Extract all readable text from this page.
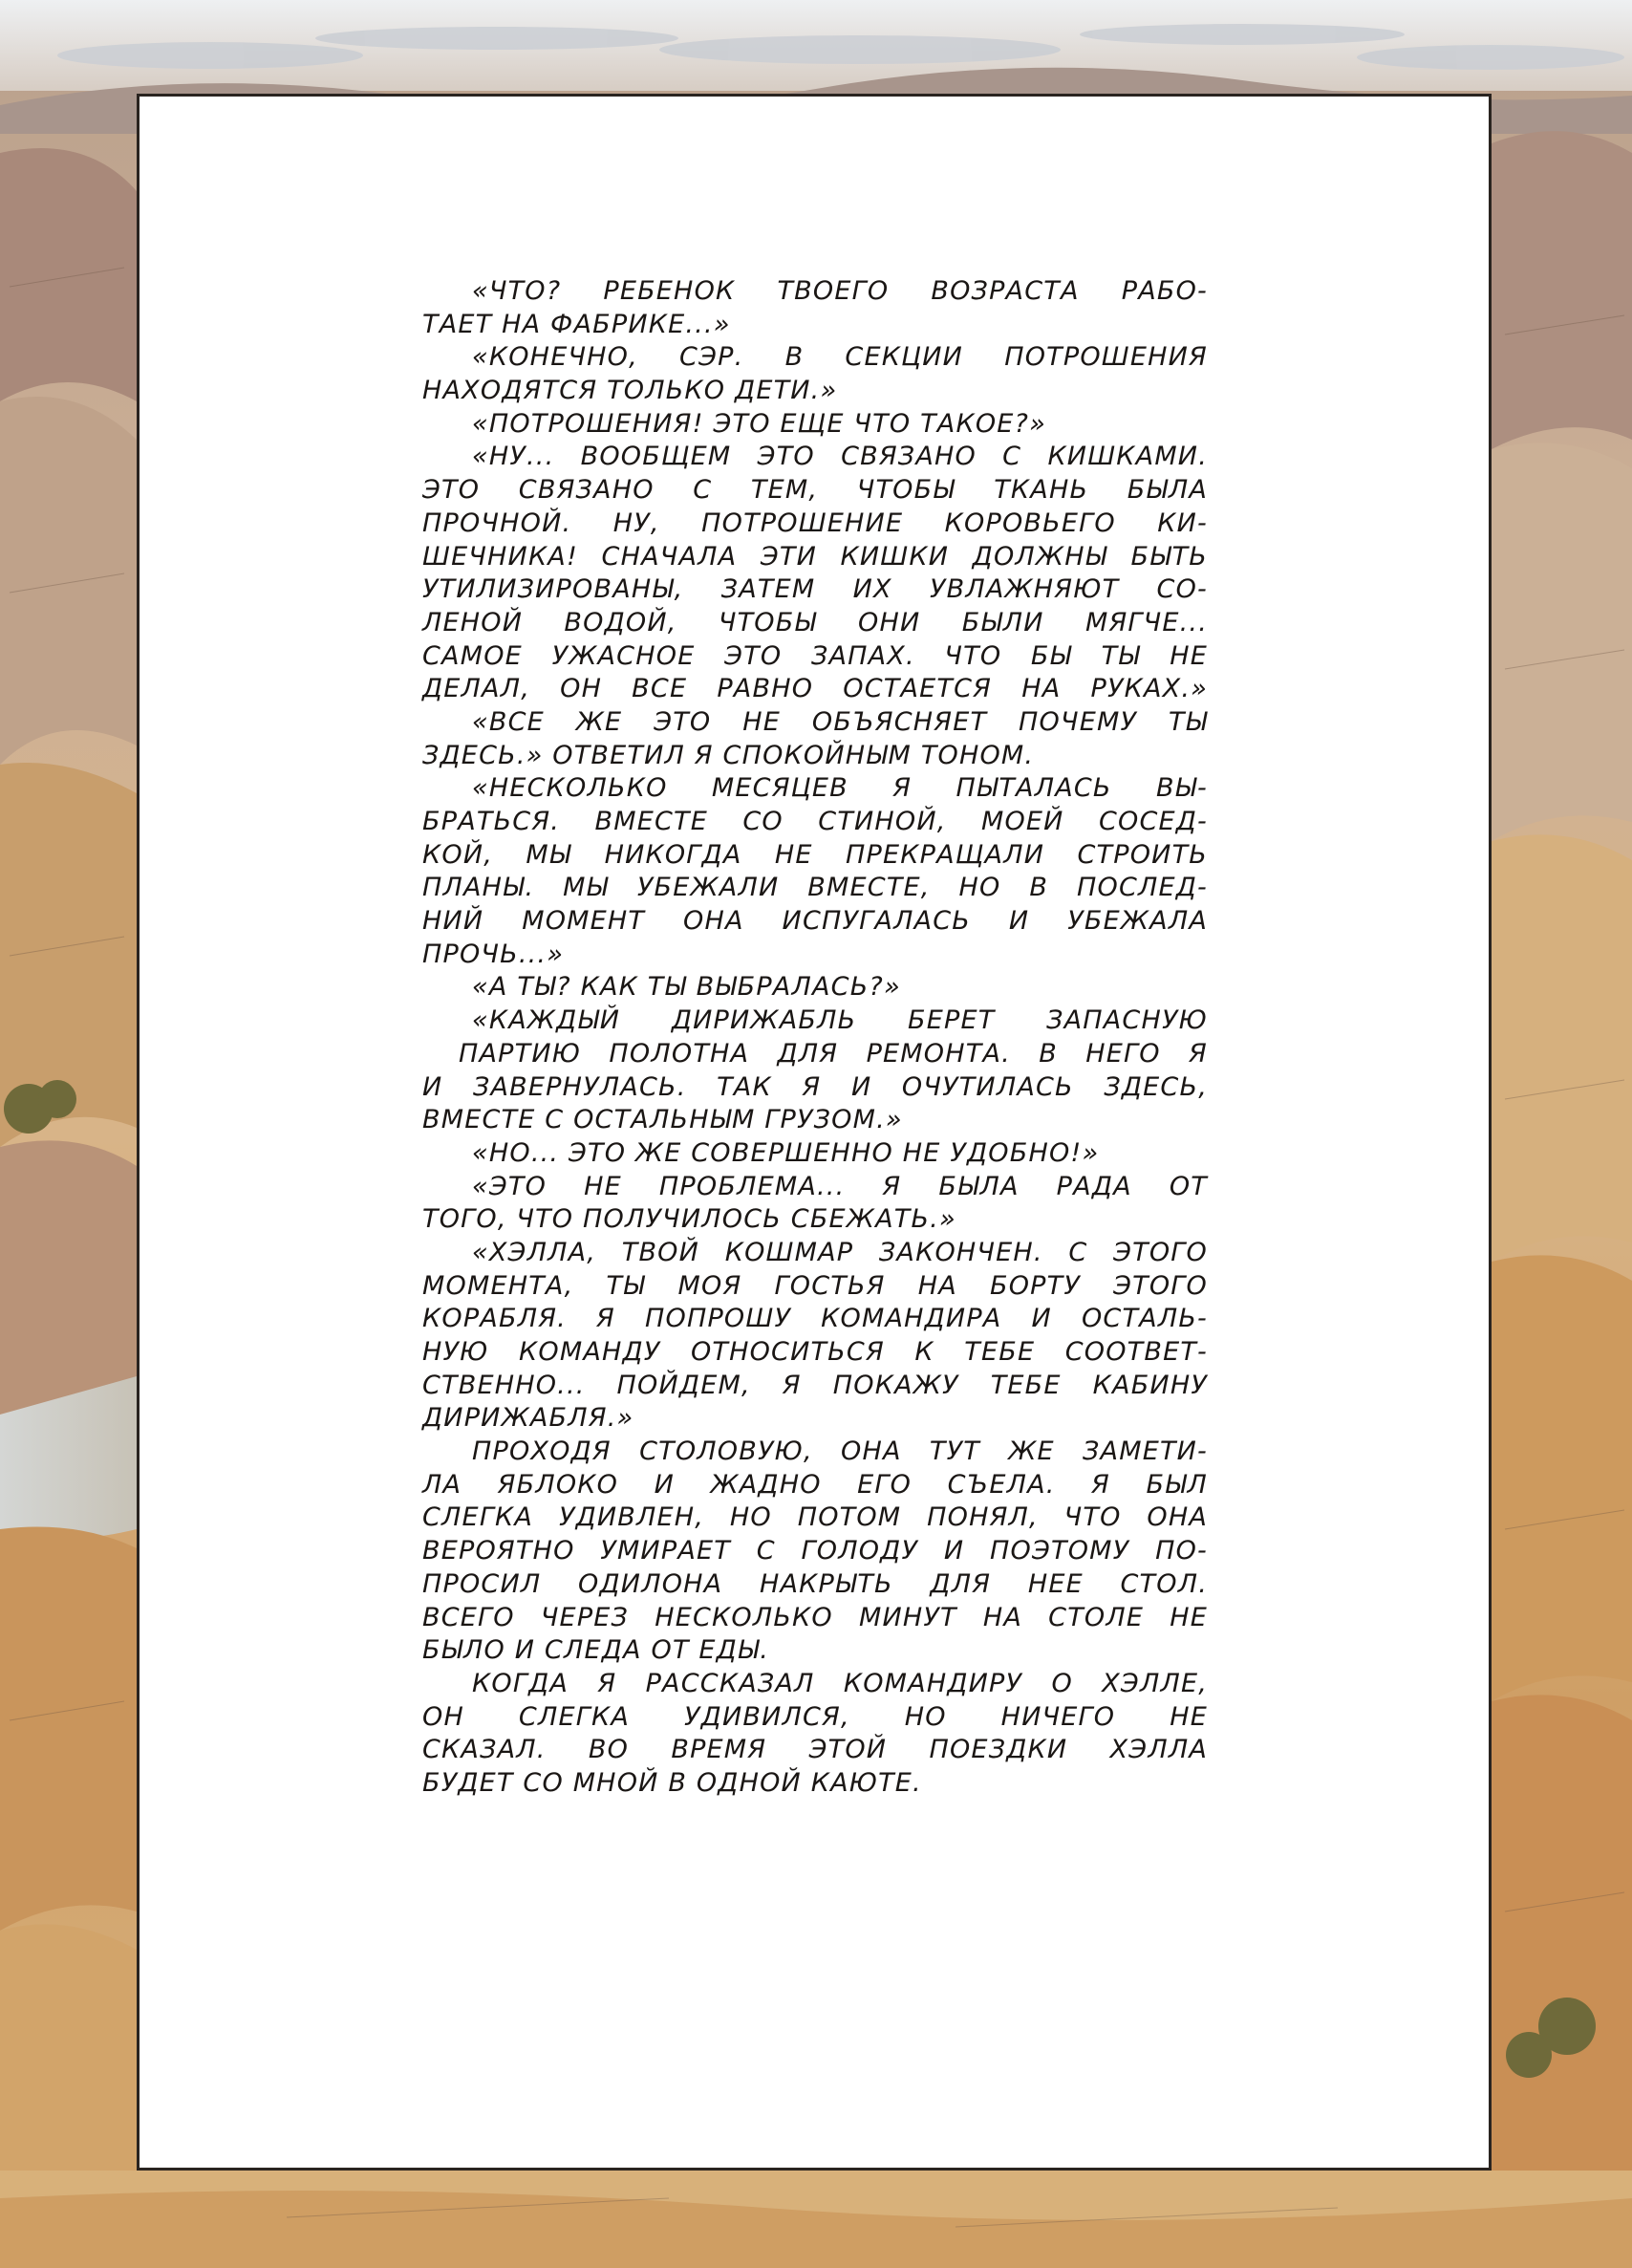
«ЧТО? РЕБЕНОК ТВОЕГО ВОЗРАСТА РАБО-
ТАЕТ НА ФАБРИКЕ...»
«КОНЕЧНО, СЭР. В СЕКЦИИ ПОТРОШЕНИЯ
НАХОДЯТСЯ ТОЛЬКО ДЕТИ.»
«ПОТРОШЕНИЯ! ЭТО ЕЩЕ ЧТО ТАКОЕ?»
«НУ... ВООБЩЕМ ЭТО СВЯЗАНО С КИШКАМИ.
ЭТО СВЯЗАНО С ТЕМ, ЧТОБЫ ТКАНЬ БЫЛА
ПРОЧНОЙ. НУ, ПОТРОШЕНИЕ КОРОВЬЕГО КИ-
ШЕЧНИКА! СНАЧАЛА ЭТИ КИШКИ ДОЛЖНЫ БЫТЬ
УТИЛИЗИРОВАНЫ, ЗАТЕМ ИХ УВЛАЖНЯЮТ СО-
ЛЕНОЙ ВОДОЙ, ЧТОБЫ ОНИ БЫЛИ МЯГЧЕ...
САМОЕ УЖАСНОЕ ЭТО ЗАПАХ. ЧТО БЫ ТЫ НЕ
ДЕЛАЛ, ОН ВСЕ РАВНО ОСТАЕТСЯ НА РУКАХ.»
«ВСЕ ЖЕ ЭТО НЕ ОБЪЯСНЯЕТ ПОЧЕМУ ТЫ
ЗДЕСЬ.» ОТВЕТИЛ Я СПОКОЙНЫМ ТОНОМ.
«НЕСКОЛЬКО МЕСЯЦЕВ Я ПЫТАЛАСЬ ВЫ-
БРАТЬСЯ. ВМЕСТЕ СО СТИНОЙ, МОЕЙ СОСЕД-
КОЙ, МЫ НИКОГДА НЕ ПРЕКРАЩАЛИ СТРОИТЬ
ПЛАНЫ. МЫ УБЕЖАЛИ ВМЕСТЕ, НО В ПОСЛЕД-
НИЙ МОМЕНТ ОНА ИСПУГАЛАСЬ И УБЕЖАЛА
ПРОЧЬ...»
«А ТЫ? КАК ТЫ ВЫБРАЛАСЬ?»
«КАЖДЫЙ ДИРИЖАБЛЬ БЕРЕТ ЗАПАСНУЮ
ПАРТИЮ ПОЛОТНА ДЛЯ РЕМОНТА. В НЕГО Я
И ЗАВЕРНУЛАСЬ. ТАК Я И ОЧУТИЛАСЬ ЗДЕСЬ,
ВМЕСТЕ С ОСТАЛЬНЫМ ГРУЗОМ.»
«НО... ЭТО ЖЕ СОВЕРШЕННО НЕ УДОБНО!»
«ЭТО НЕ ПРОБЛЕМА... Я БЫЛА РАДА ОТ
ТОГО, ЧТО ПОЛУЧИЛОСЬ СБЕЖАТЬ.»
«ХЭЛЛА, ТВОЙ КОШМАР ЗАКОНЧЕН. С ЭТОГО
МОМЕНТА, ТЫ МОЯ ГОСТЬЯ НА БОРТУ ЭТОГО
КОРАБЛЯ. Я ПОПРОШУ КОМАНДИРА И ОСТАЛЬ-
НУЮ КОМАНДУ ОТНОСИТЬСЯ К ТЕБЕ СООТВЕТ-
СТВЕННО... ПОЙДЕМ, Я ПОКАЖУ ТЕБЕ КАБИНУ
ДИРИЖАБЛЯ.»
ПРОХОДЯ СТОЛОВУЮ, ОНА ТУТ ЖЕ ЗАМЕТИ-
ЛА ЯБЛОКО И ЖАДНО ЕГО СЪЕЛА. Я БЫЛ
СЛЕГКА УДИВЛЕН, НО ПОТОМ ПОНЯЛ, ЧТО ОНА
ВЕРОЯТНО УМИРАЕТ С ГОЛОДУ И ПОЭТОМУ ПО-
ПРОСИЛ ОДИЛОНА НАКРЫТЬ ДЛЯ НЕЕ СТОЛ.
ВСЕГО ЧЕРЕЗ НЕСКОЛЬКО МИНУТ НА СТОЛЕ НЕ
БЫЛО И СЛЕДА ОТ ЕДЫ.
КОГДА Я РАССКАЗАЛ КОМАНДИРУ О ХЭЛЛЕ,
ОН СЛЕГКА УДИВИЛСЯ, НО НИЧЕГО НЕ
СКАЗАЛ. ВО ВРЕМЯ ЭТОЙ ПОЕЗДКИ ХЭЛЛА
БУДЕТ СО МНОЙ В ОДНОЙ КАЮТЕ.
